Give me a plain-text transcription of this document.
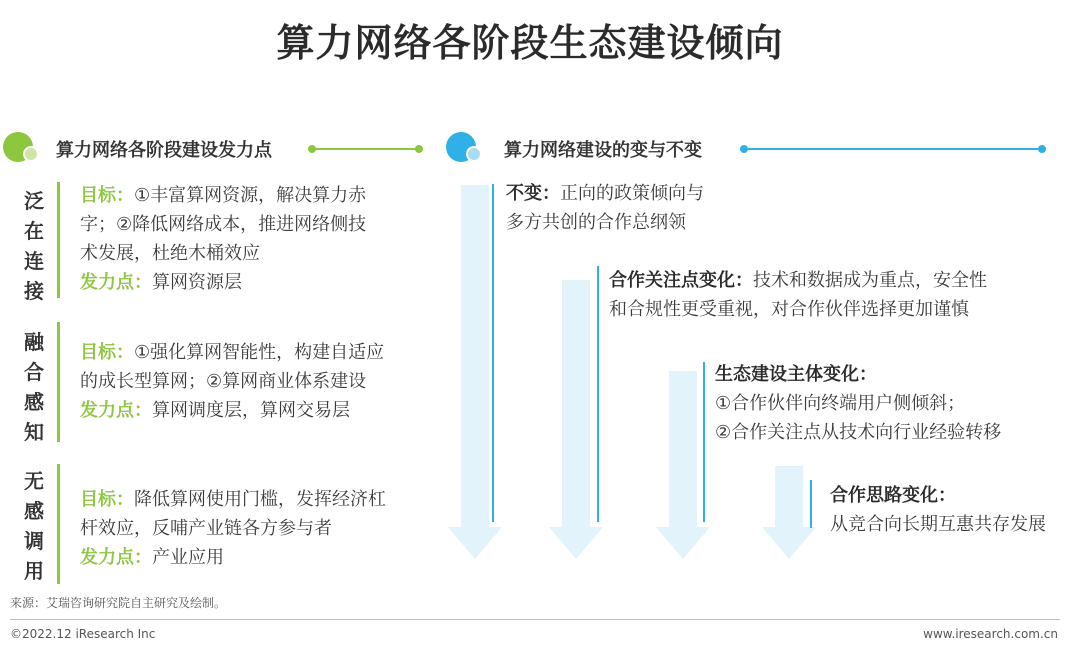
算力网络各阶段生态建设倾向
算力网络各阶段建设发力点
泛
在
连
接
目标：①丰富算网资源，解决算力赤
字；②降低网络成本，推进网络侧技
术发展，杜绝木桶效应
发力点：算网资源层
融
合
感
知
目标：①强化算网智能性，构建自适应
的成长型算网；②算网商业体系建设
发力点：算网调度层，算网交易层
无
感
调
用
目标：降低算网使用门槛，发挥经济杠
杆效应，反哺产业链各方参与者
发力点：产业应用
算力网络建设的变与不变
不变：正向的政策倾向与
多方共创的合作总纲领
合作关注点变化：技术和数据成为重点，安全性
和合规性更受重视，对合作伙伴选择更加谨慎
生态建设主体变化：
①合作伙伴向终端用户侧倾斜；
②合作关注点从技术向行业经验转移
合作思路变化：
从竞合向长期互惠共存发展
来源：艾瑞咨询研究院自主研究及绘制。
©2022.12 iResearch Inc	www.iresearch.com.cn
